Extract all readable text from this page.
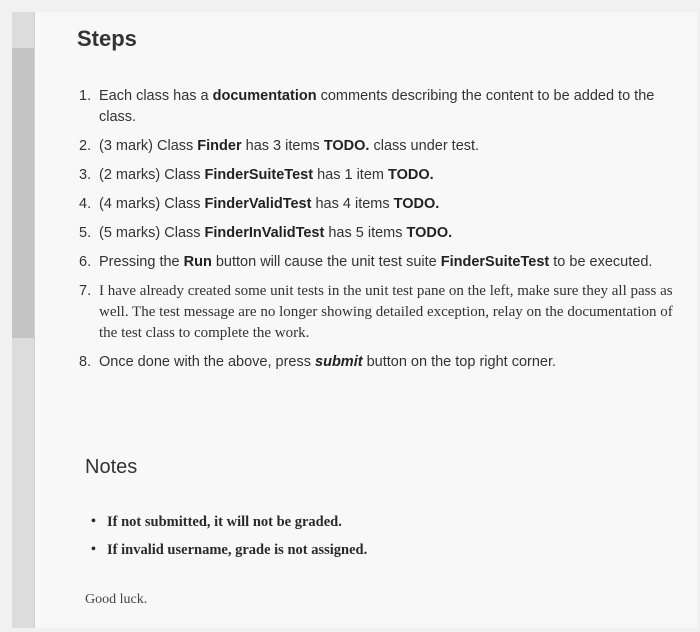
Steps
1. Each class has a documentation comments describing the content to be added to the class.
2. (3 mark) Class Finder has 3 items TODO. class under test.
3. (2 marks) Class FinderSuiteTest has 1 item TODO.
4. (4 marks) Class FinderValidTest has 4 items TODO.
5. (5 marks) Class FinderInValidTest has 5 items TODO.
6. Pressing the Run button will cause the unit test suite FinderSuiteTest to be executed.
7. I have already created some unit tests in the unit test pane on the left, make sure they all pass as well. The test message are no longer showing detailed exception, relay on the documentation of the test class to complete the work.
8. Once done with the above, press submit button on the top right corner.
Notes
• If not submitted, it will not be graded.
• If invalid username, grade is not assigned.
Good luck.
